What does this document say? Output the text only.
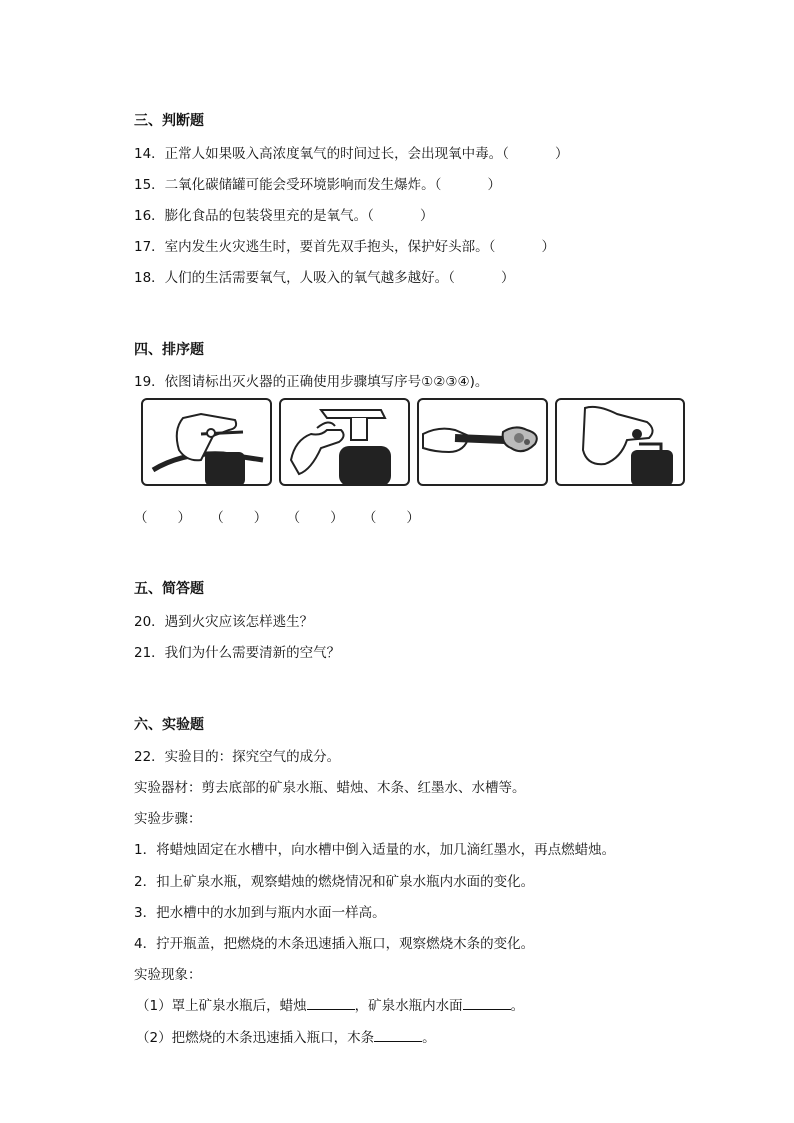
三、判断题
14．正常人如果吸入高浓度氧气的时间过长，会出现氧中毒。（	）
15．二氧化碳储罐可能会受环境影响而发生爆炸。（	）
16．膨化食品的包装袋里充的是氧气。（	）
17．室内发生火灾逃生时，要首先双手抱头，保护好头部。（	）
18．人们的生活需要氧气，人吸入的氧气越多越好。（	）
四、排序题
19．依图请标出灭火器的正确使用步骤填写序号①②③④)。
（ ） （ ） （ ） （ ）
五、简答题
20．遇到火灾应该怎样逃生？
21．我们为什么需要清新的空气？
六、实验题
22．实验目的：探究空气的成分。
实验器材：剪去底部的矿泉水瓶、蜡烛、木条、红墨水、水槽等。
实验步骤：
1．将蜡烛固定在水槽中，向水槽中倒入适量的水，加几滴红墨水，再点燃蜡烛。
2．扣上矿泉水瓶，观察蜡烛的燃烧情况和矿泉水瓶内水面的变化。
3．把水槽中的水加到与瓶内水面一样高。
4．拧开瓶盖，把燃烧的木条迅速插入瓶口，观察燃烧木条的变化。
实验现象：
（1）罩上矿泉水瓶后，蜡烛	，矿泉水瓶内水面	。
（2）把燃烧的木条迅速插入瓶口，木条	。
